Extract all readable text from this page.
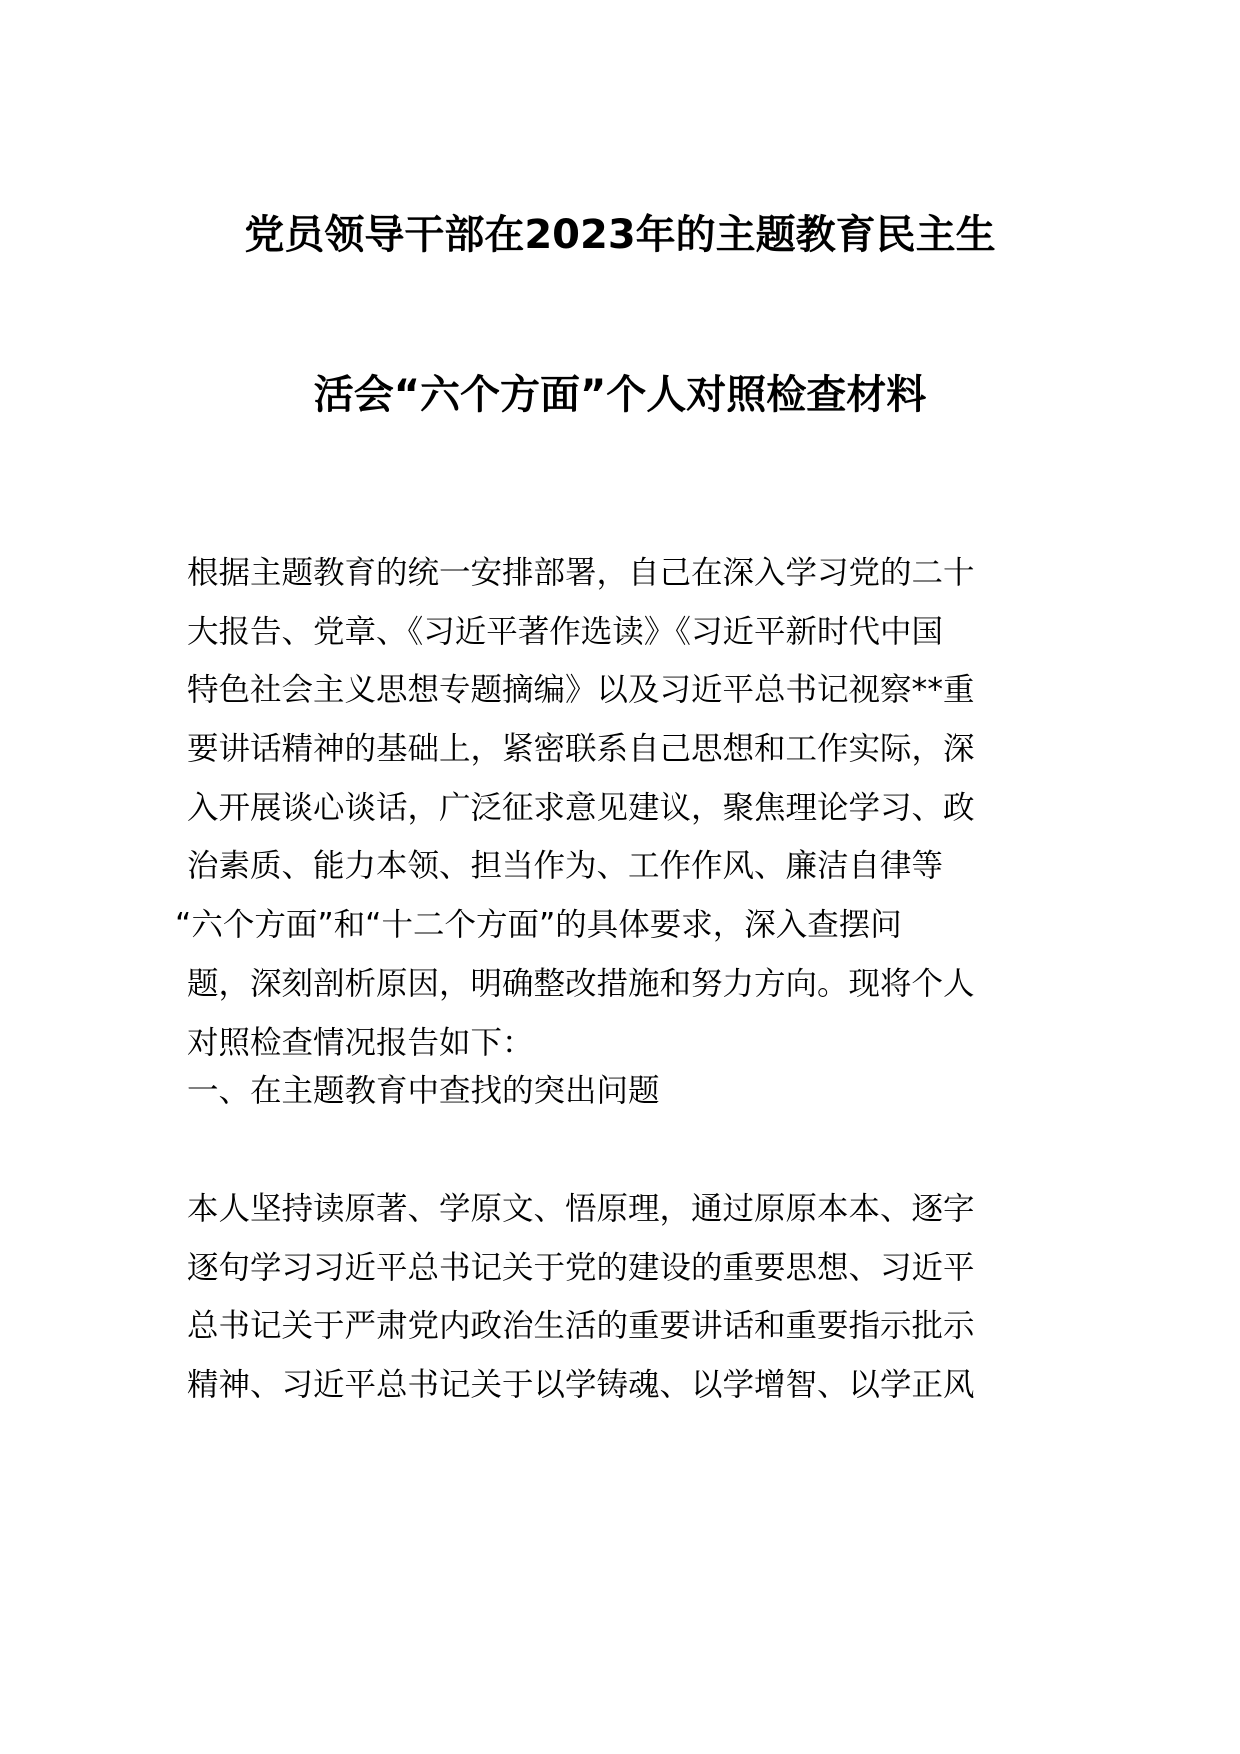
党员领导干部在2023年的主题教育民主生
活会“六个方面”个人对照检查材料
根据主题教育的统一安排部署，自己在深入学习党的二十
大报告、党章、《习近平著作选读》《习近平新时代中国
特色社会主义思想专题摘编》以及习近平总书记视察**重
要讲话精神的基础上，紧密联系自己思想和工作实际，深
入开展谈心谈话，广泛征求意见建议，聚焦理论学习、政
治素质、能力本领、担当作为、工作作风、廉洁自律等
“六个方面”和“十二个方面”的具体要求，深入查摆问
题，深刻剖析原因，明确整改措施和努力方向。现将个人
对照检查情况报告如下：
一、在主题教育中查找的突出问题
本人坚持读原著、学原文、悟原理，通过原原本本、逐字
逐句学习习近平总书记关于党的建设的重要思想、习近平
总书记关于严肃党内政治生活的重要讲话和重要指示批示
精神、习近平总书记关于以学铸魂、以学增智、以学正风
